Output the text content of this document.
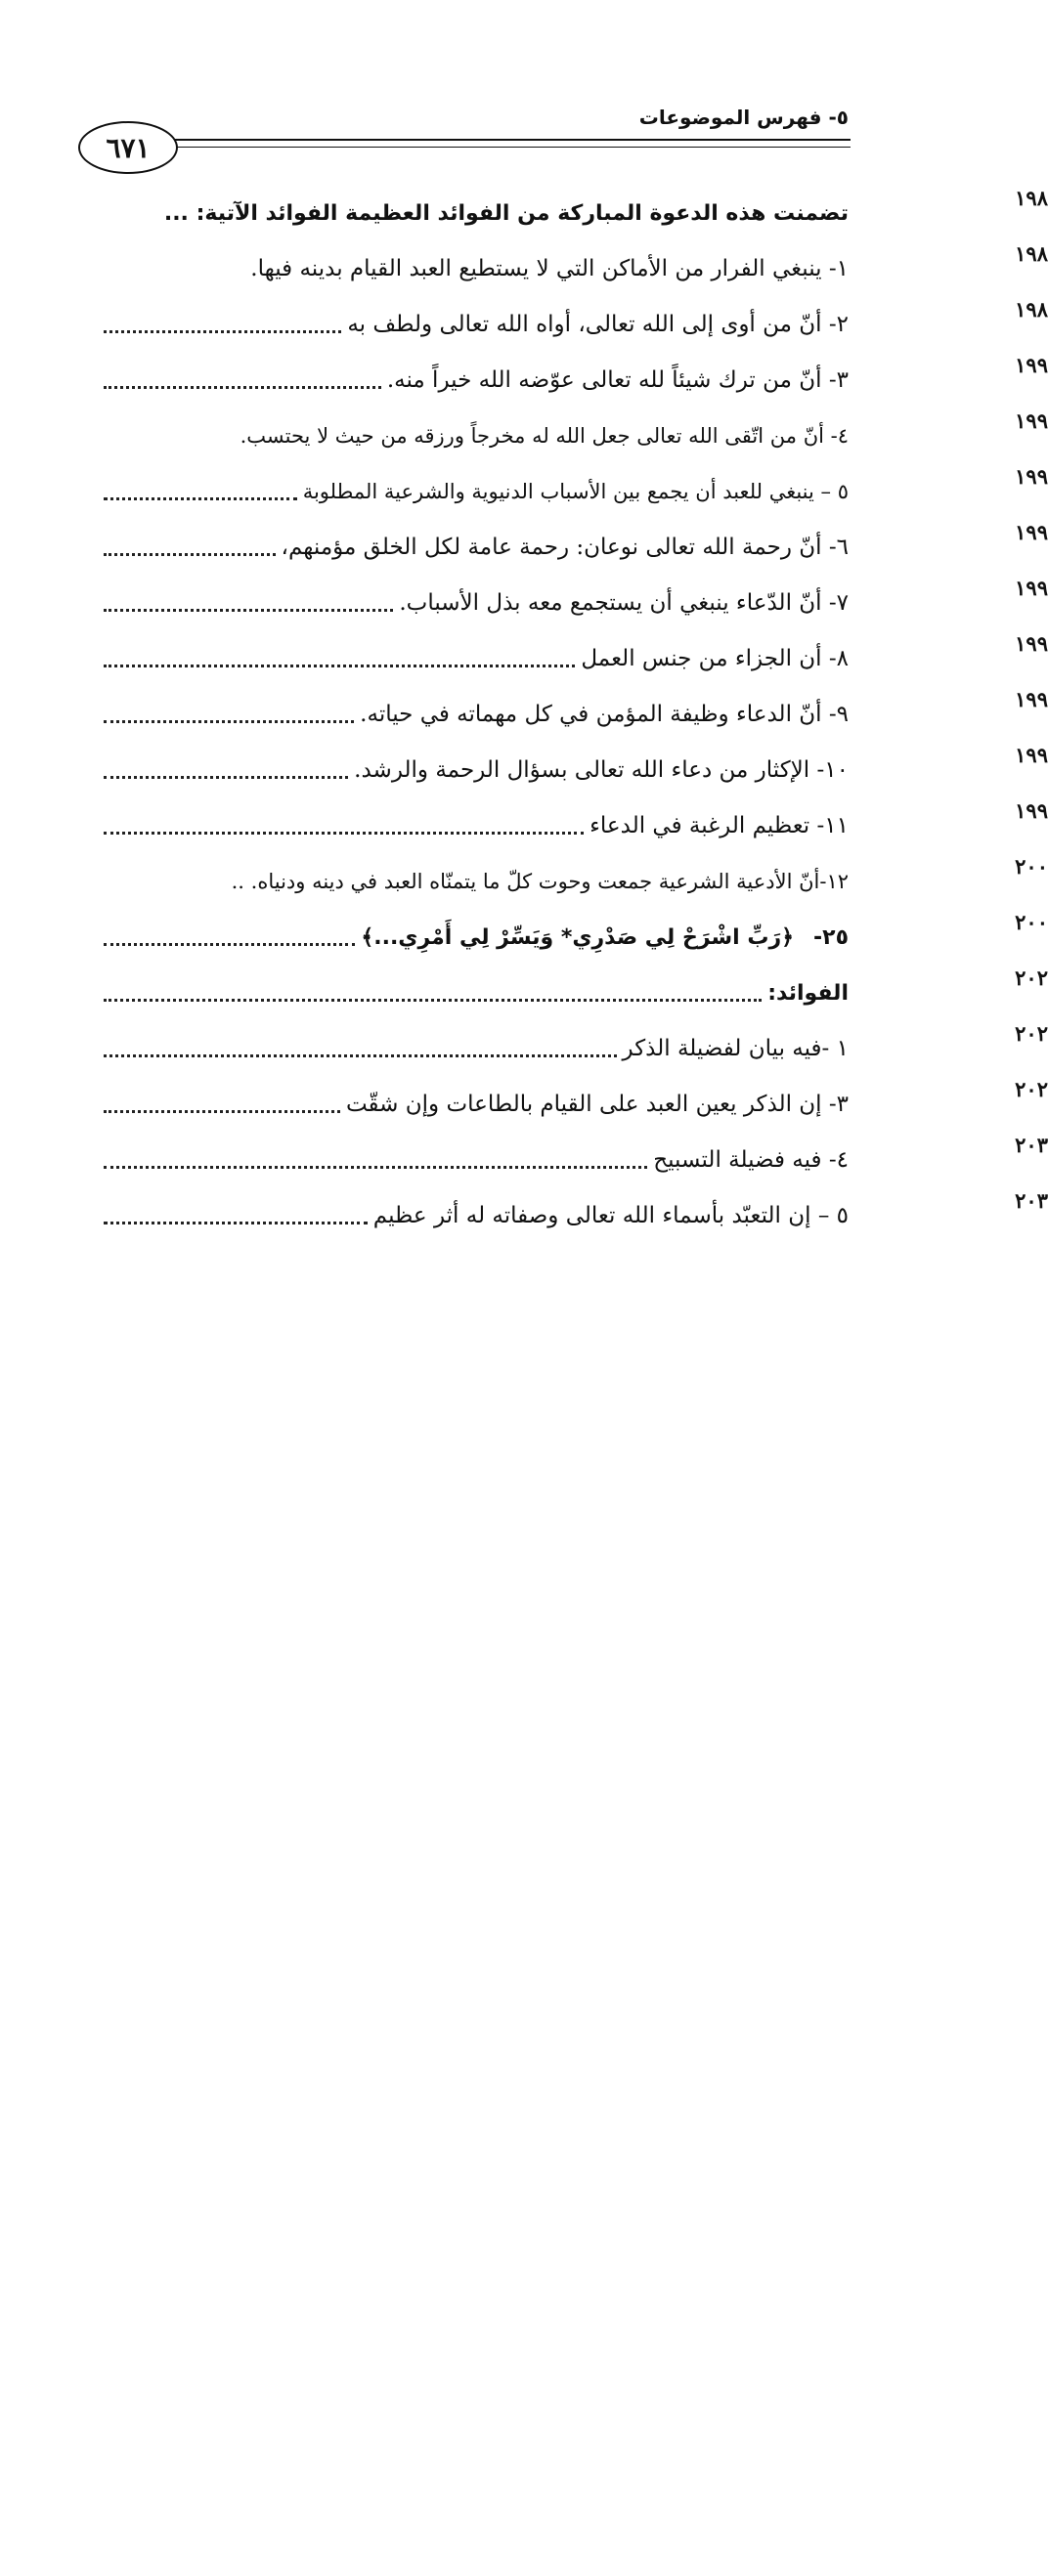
٦٧١
٥- فهرس الموضوعات
تضمنت هذه الدعوة المباركة من الفوائد العظيمة الفوائد الآتية: ...
١٩٨
١- ينبغي الفرار من الأماكن التي لا يستطيع العبد القيام بدينه فيها.
١٩٨
٢- أنّ من أوى إلى الله تعالى، أواه الله تعالى ولطف به
١٩٨
٣- أنّ من ترك شيئاً لله تعالى عوّضه الله خيراً منه.
١٩٩
٤- أنّ من اتّقى الله تعالى جعل الله له مخرجاً ورزقه من حيث لا يحتسب.
١٩٩
٥ – ينبغي للعبد أن يجمع بين الأسباب الدنيوية والشرعية المطلوبة
١٩٩
٦- أنّ رحمة الله تعالى نوعان: رحمة عامة لكل الخلق مؤمنهم،
١٩٩
٧- أنّ الدّعاء ينبغي أن يستجمع معه بذل الأسباب.
١٩٩
٨- أن الجزاء من جنس العمل
١٩٩
٩- أنّ الدعاء وظيفة المؤمن في كل مهماته في حياته.
١٩٩
١٠- الإكثار من دعاء الله تعالى بسؤال الرحمة والرشد.
١٩٩
١١- تعظيم الرغبة في الدعاء
١٩٩
١٢-أنّ الأدعية الشرعية جمعت وحوت كلّ ما يتمنّاه العبد في دينه ودنياه. ..
٢٠٠
٢٥-
﴿
رَبِّ اشْرَحْ لِي صَدْرِي* وَيَسِّرْ لِي أَمْرِي...
﴾
٢٠٠
الفوائد:
٢٠٢
١ -فيه بيان لفضيلة الذكر
٢٠٢
٣- إن الذكر يعين العبد على القيام بالطاعات وإن شقّت
٢٠٢
٤- فيه فضيلة التسبيح
٢٠٣
٥ – إن التعبّد بأسماء الله تعالى وصفاته له أثر عظيم
٢٠٣
